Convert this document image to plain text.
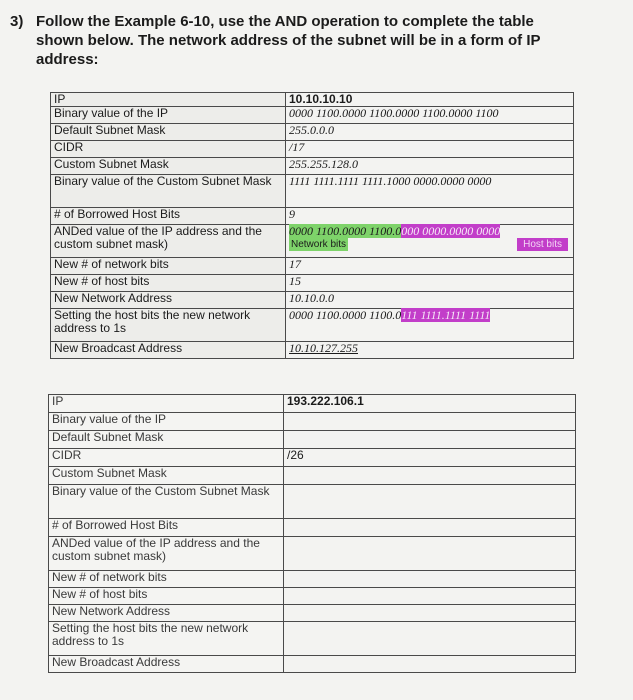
3) Follow the Example 6-10, use the AND operation to complete the table
shown below. The network address of the subnet will be in a form of IP
address:
IP	10.10.10.10
Binary value of the IP	0000 1100.0000 1100.0000 1100.0000 1100
Default Subnet Mask	255.0.0.0
CIDR	/17
Custom Subnet Mask	255.255.128.0
Binary value of the Custom Subnet Mask	1111 1111.1111 1111.1000 0000.0000 0000
# of Borrowed Host Bits	9
ANDed value of the IP address and the custom subnet mask)	0000 1100.0000 1100.0000 0000.0000 0000
Network bits Host bits

New # of network bits	17
New # of host bits	15
New Network Address	10.10.0.0
Setting the host bits the new network address to 1s	0000 1100.0000 1100.0111 1111.1111 1111
New Broadcast Address	10.10.127.255
IP	193.222.106.1
Binary value of the IP	
Default Subnet Mask	
CIDR	/26
Custom Subnet Mask	
Binary value of the Custom Subnet Mask	
# of Borrowed Host Bits	
ANDed value of the IP address and the custom subnet mask)	
New # of network bits	
New # of host bits	
New Network Address	
Setting the host bits the new network address to 1s	
New Broadcast Address	
